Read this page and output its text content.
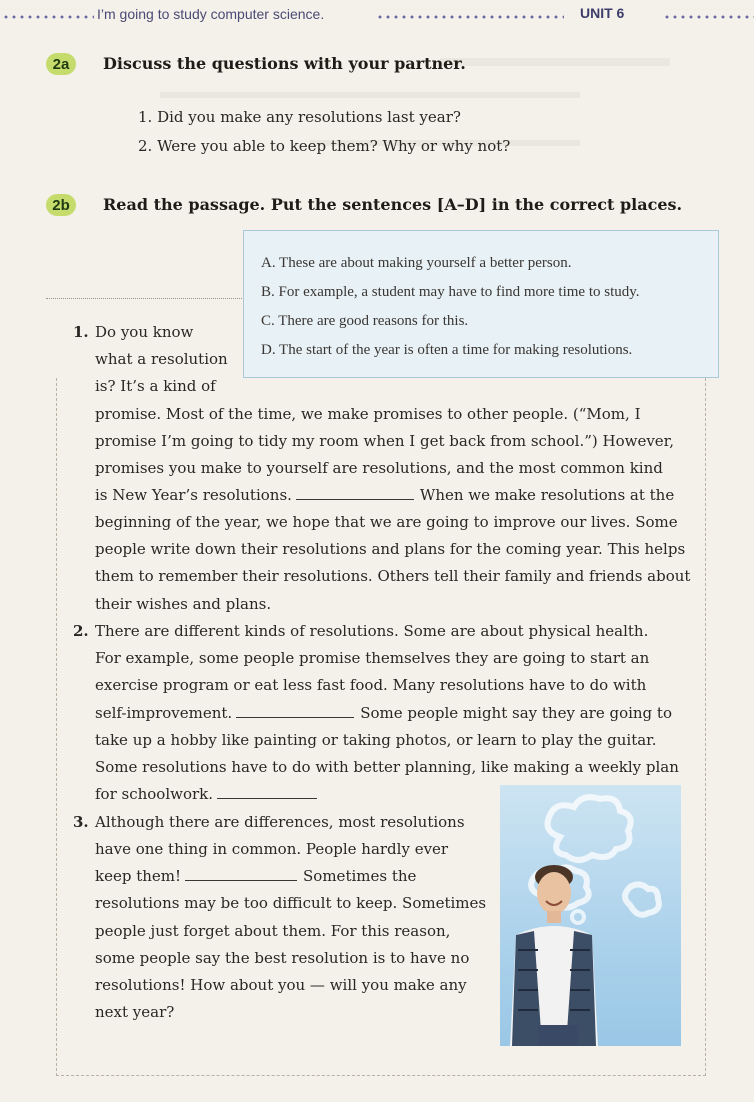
I’m going to study computer science.	UNIT 6
2a	Discuss the questions with your partner.
1. Did you make any resolutions last year?
2. Were you able to keep them? Why or why not?
2b	Read the passage. Put the sentences [A–D] in the correct places.
A. These are about making yourself a better person.
B. For example, a student may have to find more time to study.
C. There are good reasons for this.
D. The start of the year is often a time for making resolutions.
1. Do you know
what a resolution
is? It’s a kind of
promise. Most of the time, we make promises to other people. (“Mom, I
promise I’m going to tidy my room when I get back from school.”) However,
promises you make to yourself are resolutions, and the most common kind
is New Year’s resolutions.	When we make resolutions at the
beginning of the year, we hope that we are going to improve our lives. Some
people write down their resolutions and plans for the coming year. This helps
them to remember their resolutions. Others tell their family and friends about
their wishes and plans.
2. There are different kinds of resolutions. Some are about physical health.
For example, some people promise themselves they are going to start an
exercise program or eat less fast food. Many resolutions have to do with
self-improvement.	Some people might say they are going to
take up a hobby like painting or taking photos, or learn to play the guitar.
Some resolutions have to do with better planning, like making a weekly plan
for schoolwork.
3. Although there are differences, most resolutions
have one thing in common. People hardly ever
keep them!	Sometimes the
resolutions may be too difficult to keep. Sometimes
people just forget about them. For this reason,
some people say the best resolution is to have no
resolutions! How about you — will you make any
next year?
